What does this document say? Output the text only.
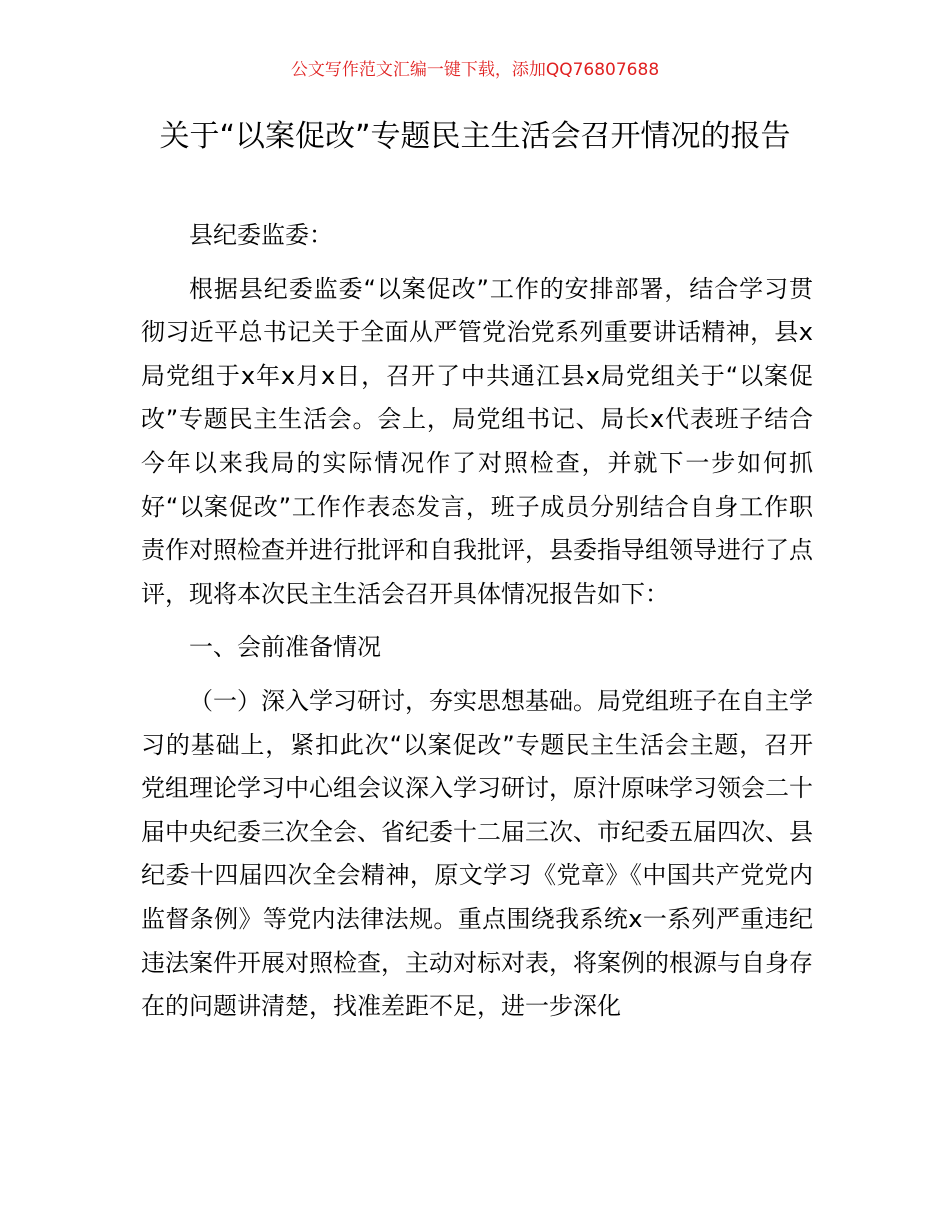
公文写作范文汇编一键下载，添加QQ76807688
关于“以案促改”专题民主生活会召开情况的报告

县纪委监委：

根据县纪委监委“以案促改”工作的安排部署，结合学习贯彻习近平总书记关于全面从严管党治党系列重要讲话精神，县x局党组于x年x月x日，召开了中共通江县x局党组关于“以案促改”专题民主生活会。会上，局党组书记、局长x代表班子结合今年以来我局的实际情况作了对照检查，并就下一步如何抓好“以案促改”工作作表态发言，班子成员分别结合自身工作职责作对照检查并进行批评和自我批评，县委指导组领导进行了点评，现将本次民主生活会召开具体情况报告如下：

一、会前准备情况

（一）深入学习研讨，夯实思想基础。局党组班子在自主学习的基础上，紧扣此次“以案促改”专题民主生活会主题，召开党组理论学习中心组会议深入学习研讨，原汁原味学习领会二十届中央纪委三次全会、省纪委十二届三次、市纪委五届四次、县纪委十四届四次全会精神，原文学习《党章》《中国共产党党内监督条例》等党内法律法规。重点围绕我系统x一系列严重违纪违法案件开展对照检查，主动对标对表，将案例的根源与自身存在的问题讲清楚，找准差距不足，进一步深化
